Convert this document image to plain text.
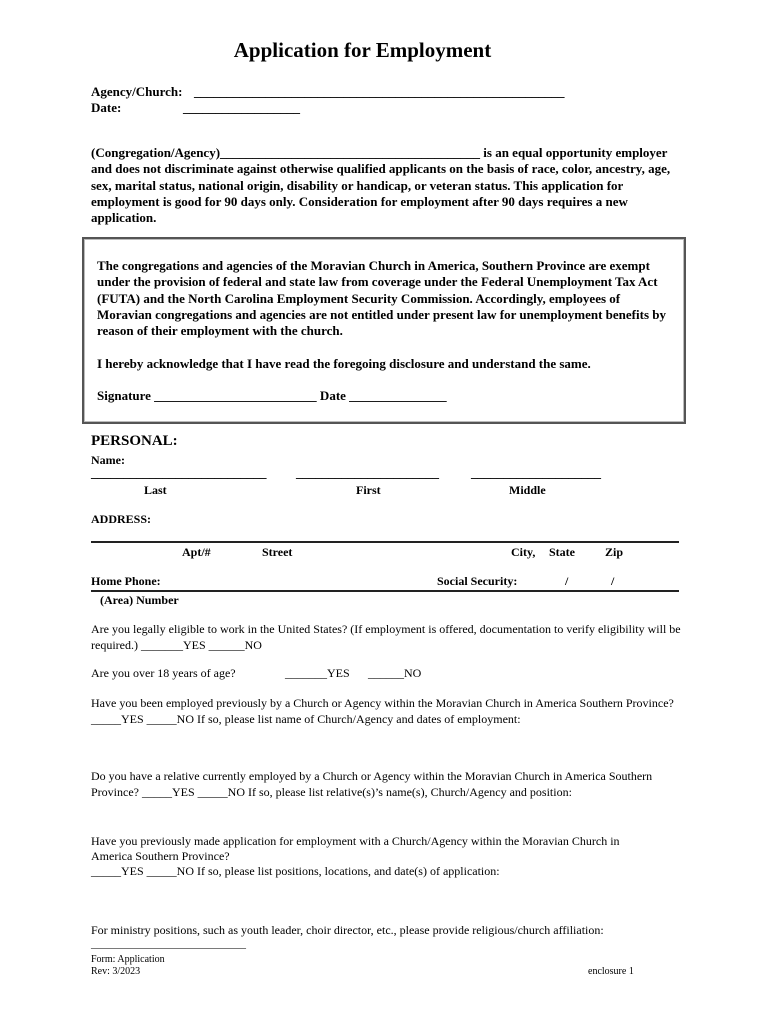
Application for Employment
Agency/Church: _________________________________________________________
Date:	__________________
(Congregation/Agency)________________________________________ is an equal opportunity employer and does not discriminate against otherwise qualified applicants on the basis of race, color, ancestry, age, sex, marital status, national origin, disability or handicap, or veteran status. This application for employment is good for 90 days only. Consideration for employment after 90 days requires a new application.
The congregations and agencies of the Moravian Church in America, Southern Province are exempt under the provision of federal and state law from coverage under the Federal Unemployment Tax Act (FUTA) and the North Carolina Employment Security Commission. Accordingly, employees of Moravian congregations and agencies are not entitled under present law for unemployment benefits by reason of their employment with the church.
I hereby acknowledge that I have read the foregoing disclosure and understand the same.
Signature _________________________ Date _______________
PERSONAL:
Name:
___________________________ ______________________ ____________________
Last	First	Middle
ADDRESS:
Apt/#	Street	City, State	Zip
Home Phone:	Social Security:	/	/
(Area) Number
Are you legally eligible to work in the United States? (If employment is offered, documentation to verify eligibility will be required.) _______YES ______NO
Are you over 18 years of age?	_______YES ______NO
Have you been employed previously by a Church or Agency within the Moravian Church in America Southern Province? _____YES _____NO If so, please list name of Church/Agency and dates of employment:
Do you have a relative currently employed by a Church or Agency within the Moravian Church in America Southern Province? _____YES _____NO If so, please list relative(s)’s name(s), Church/Agency and position:
Have you previously made application for employment with a Church/Agency within the Moravian Church in
America Southern Province?
_____YES _____NO If so, please list positions, locations, and date(s) of application:
For ministry positions, such as youth leader, choir director, etc., please provide religious/church affiliation:
_______________________________
Form: Application
Rev: 3/2023	enclosure 1
